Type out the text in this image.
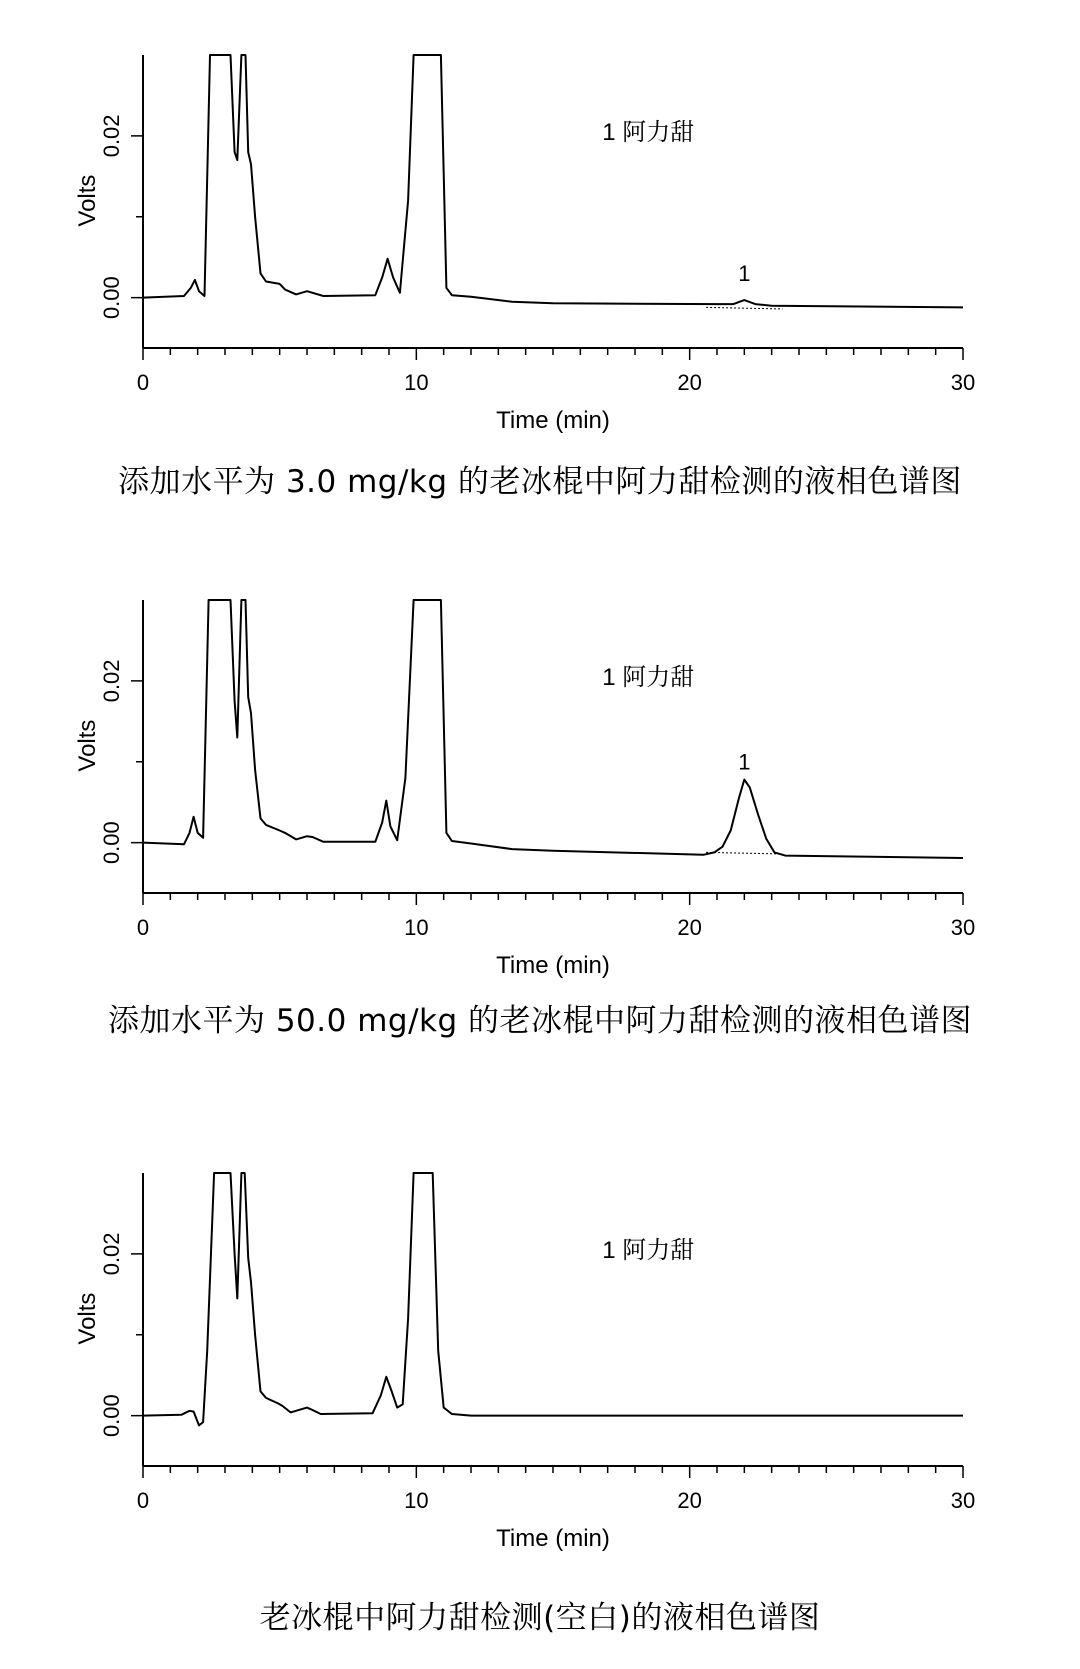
0	10	20	30
0.00
0.02
Time (min)
Volts
1 阿力甜
1
添加水平为 3.0 mg/kg 的老冰棍中阿力甜检测的液相色谱图
0	10	20	30
0.00
0.02
Time (min)
Volts
1 阿力甜
1
添加水平为 50.0 mg/kg 的老冰棍中阿力甜检测的液相色谱图
0	10	20	30
0.00
0.02
Time (min)
Volts
1 阿力甜
老冰棍中阿力甜检测(空白)的液相色谱图
